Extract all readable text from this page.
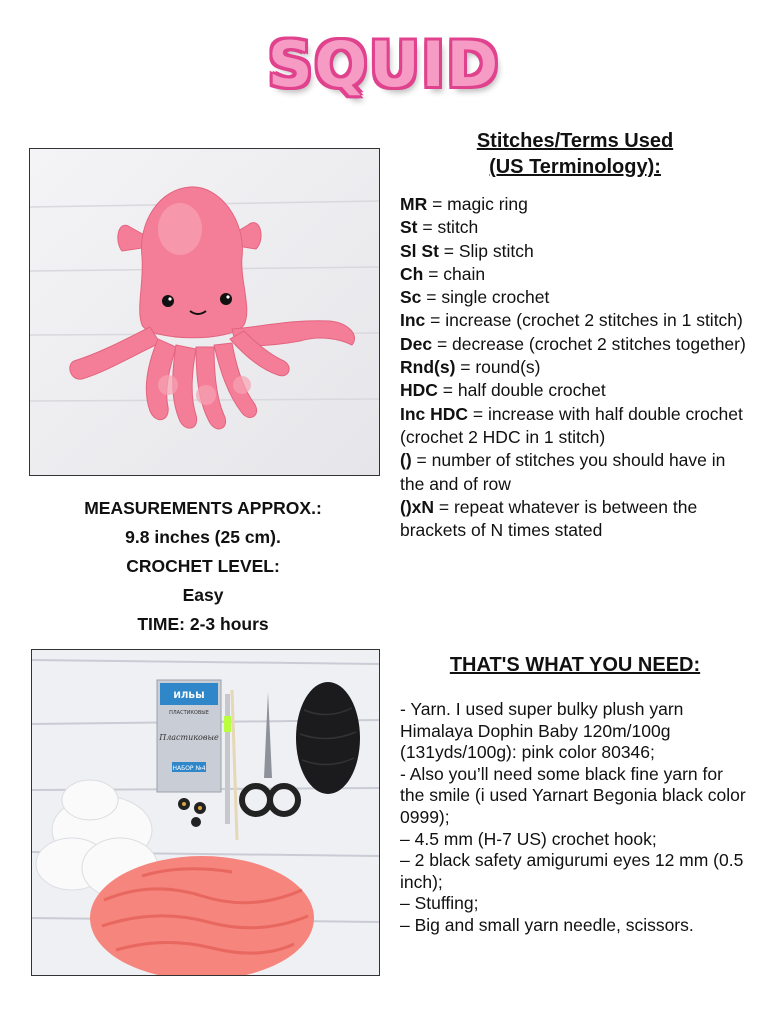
SQUID
MEASUREMENTS APPROX.:
9.8 inches (25 cm).
CROCHET LEVEL:
Easy
TIME: 2-3 hours
Stitches/Terms Used
(US Terminology):

MR = magic ring

St = stitch

Sl St = Slip stitch

Ch = chain

Sc = single crochet

Inc = increase (crochet 2 stitches in 1 stitch)

Dec = decrease (crochet 2 stitches together)

Rnd(s) = round(s)

HDC = half double crochet

Inc HDC = increase with half double crochet (crochet 2 HDC in 1 stitch)

() = number of stitches you should have in the and of row

()xN = repeat whatever is between the brackets of N times stated

ИЛЬЫ
ПЛАСТИКОВЫЕ
Пластиковые
НАБОР №4
THAT'S WHAT YOU NEED:
- Yarn. I used super bulky plush yarn Himalaya Dophin Baby 120m/100g (131yds/100g): pink color 80346;
- Also you’ll need some black fine yarn for the smile (i used Yarnart Begonia black color 0999);
– 4.5 mm (H-7 US) crochet hook;
– 2 black safety amigurumi eyes 12 mm (0.5 inch);
– Stuffing;
– Big and small yarn needle, scissors.
